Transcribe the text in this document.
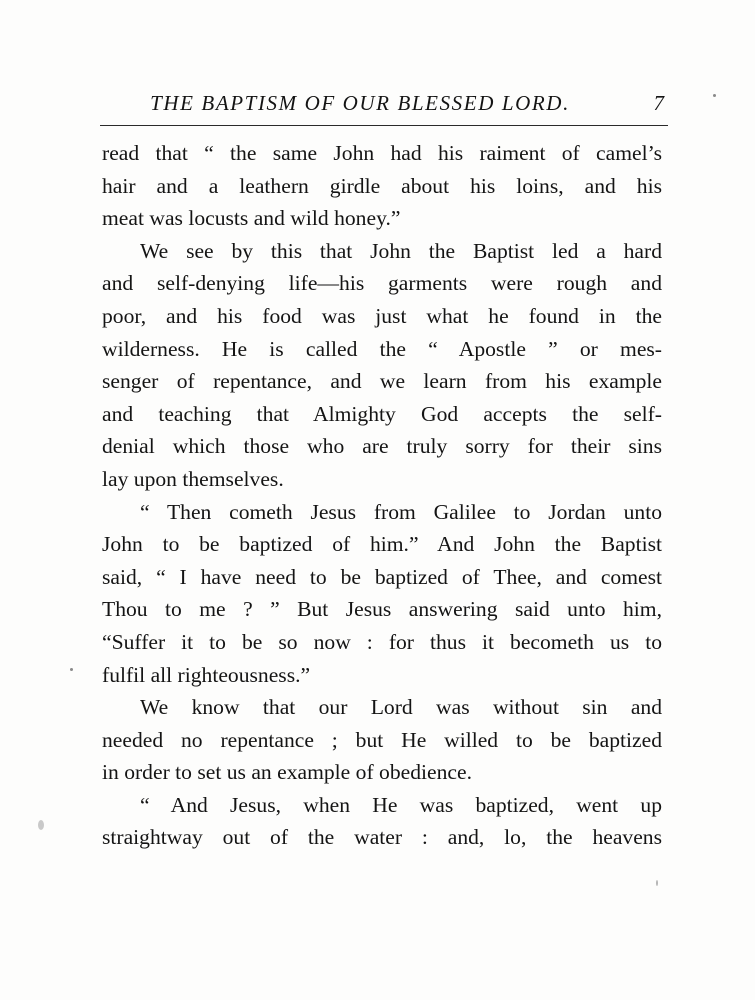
THE BAPTISM OF OUR BLESSED LORD.	7

read that “ the same John had his raiment of camel’s
hair and a leathern girdle about his loins, and his
meat was locusts and wild honey.”

We see by this that John the Baptist led a hard
and self-denying life—his garments were rough and
poor, and his food was just what he found in the
wilderness. He is called the “ Apostle ” or mes-
senger of repentance, and we learn from his example
and teaching that Almighty God accepts the self-
denial which those who are truly sorry for their sins
lay upon themselves.

“ Then cometh Jesus from Galilee to Jordan unto
John to be baptized of him.” And John the Baptist
said, “ I have need to be baptized of Thee, and comest
Thou to me ? ” But Jesus answering said unto him,
“Suffer it to be so now : for thus it becometh us to
fulfil all righteousness.”

We know that our Lord was without sin and
needed no repentance ; but He willed to be baptized
in order to set us an example of obedience.

“ And Jesus, when He was baptized, went up
straightway out of the water : and, lo, the heavens
